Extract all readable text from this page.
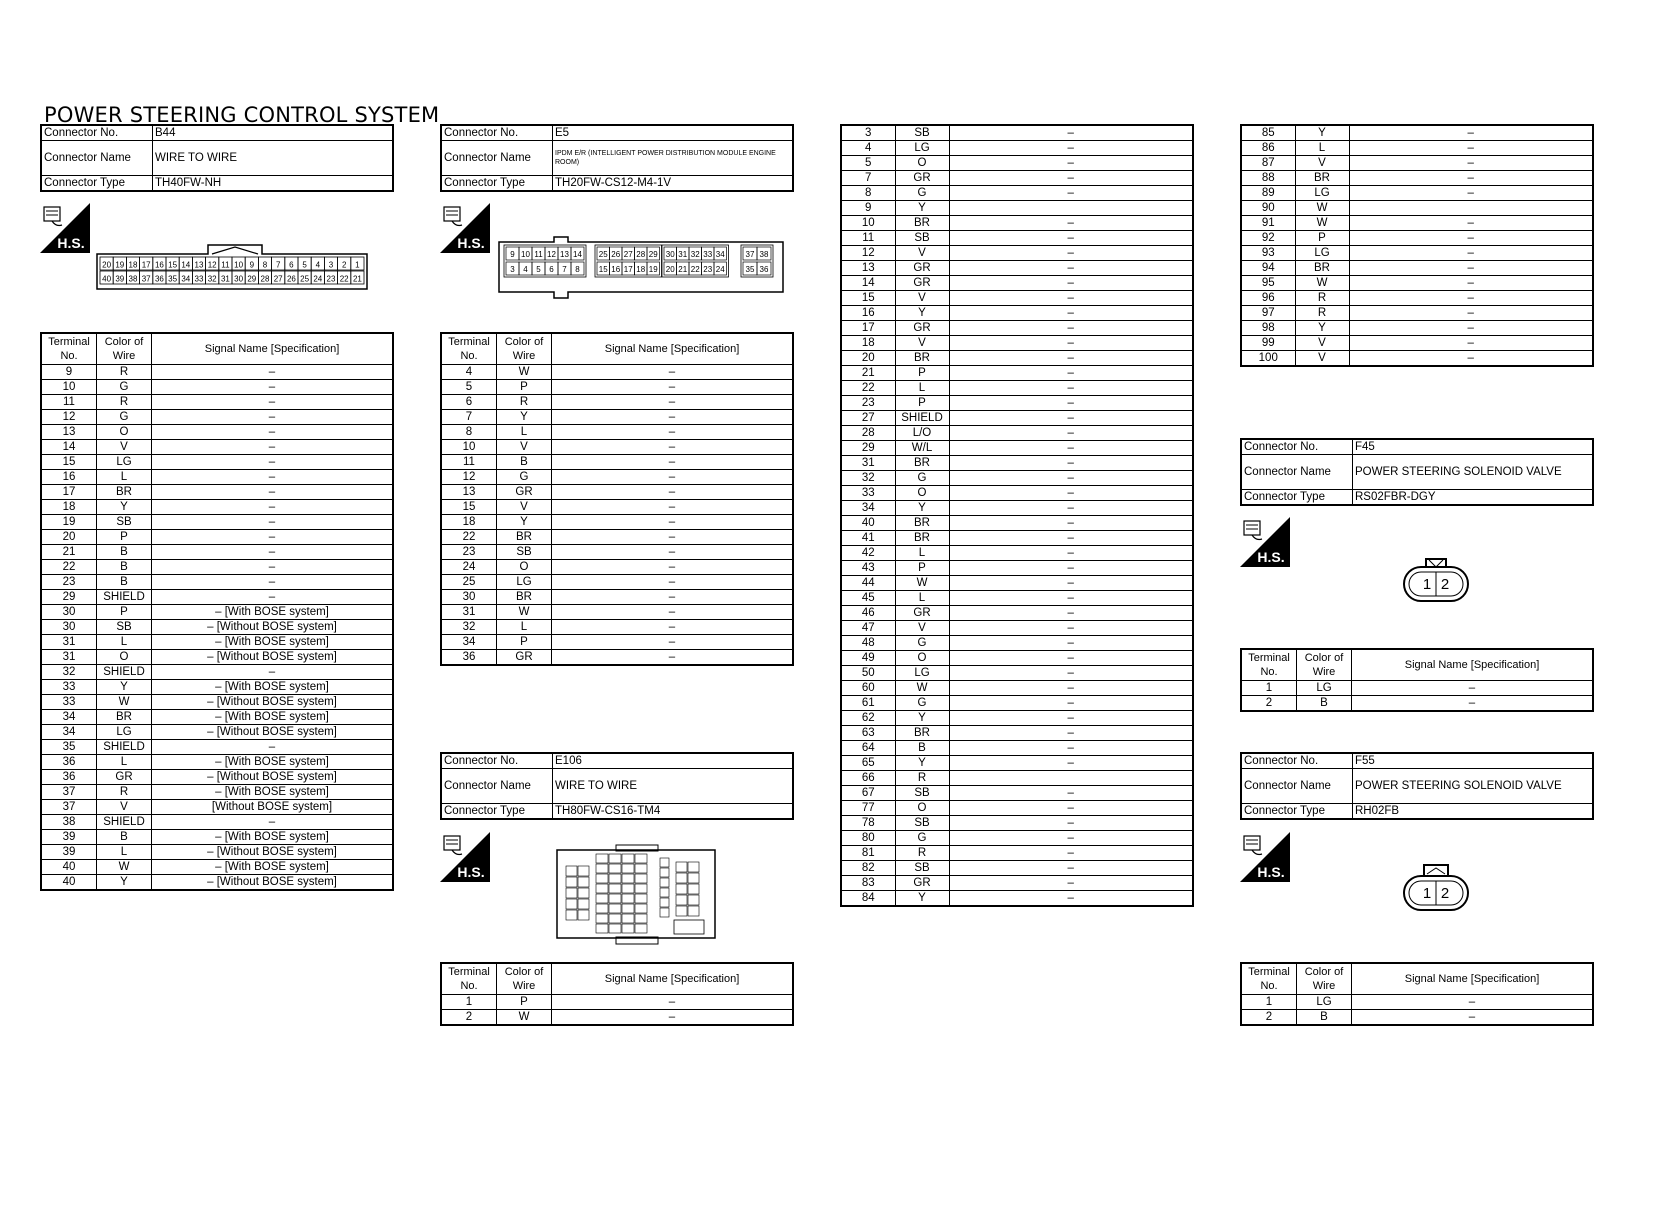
POWER STEERING CONTROL SYSTEM
Connector No.	B44
Connector Name	WIRE TO WIRE
Connector Type	TH40FW-NH
H.S.
20 19 18 17 16 15 14 13 12 11 10 9 8 7 6 5 4 3 2 1
40 39 38 37 36 35 34 33 32 31 30 29 28 27 26 25 24 23 22 21
Terminal No.	Color of Wire	Signal Name [Specification]
9	R	–
10	G	–
11	R	–
12	G	–
13	O	–
14	V	–
15	LG	–
16	L	–
17	BR	–
18	Y	–
19	SB	–
20	P	–
21	B	–
22	B	–
23	B	–
29	SHIELD	–
30	P	– [With BOSE system]
30	SB	– [Without BOSE system]
31	L	– [With BOSE system]
31	O	– [Without BOSE system]
32	SHIELD	–
33	Y	– [With BOSE system]
33	W	– [Without BOSE system]
34	BR	– [With BOSE system]
34	LG	– [Without BOSE system]
35	SHIELD	–
36	L	– [With BOSE system]
36	GR	– [Without BOSE system]
37	R	– [With BOSE system]
37	V	[Without BOSE system]
38	SHIELD	–
39	B	– [With BOSE system]
39	L	– [Without BOSE system]
40	W	– [With BOSE system]
40	Y	– [Without BOSE system]
Connector No.	E5
Connector Name	IPDM E/R (INTELLIGENT POWER DISTRIBUTION MODULE ENGINE ROOM)
Connector Type	TH20FW-CS12-M4-1V
H.S.
9 10 11 12 13 14
3 4 5 6 7 8
25 26 27 28 29
15 16 17 18 19
30 31 32 33 34
20 21 22 23 24
37 38
35 36
Terminal No.	Color of Wire	Signal Name [Specification]
4	W	–
5	P	–
6	R	–
7	Y	–
8	L	–
10	V	–
11	B	–
12	G	–
13	GR	–
15	V	–
18	Y	–
22	BR	–
23	SB	–
24	O	–
25	LG	–
30	BR	–
31	W	–
32	L	–
34	P	–
36	GR	–
Connector No.	E106
Connector Name	WIRE TO WIRE
Connector Type	TH80FW-CS16-TM4
H.S.
Terminal No.	Color of Wire	Signal Name [Specification]
1	P	–
2	W	–
3	SB	–
4	LG	–
5	O	–
7	GR	–
8	G	–
9	Y	
10	BR	–
11	SB	–
12	V	–
13	GR	–
14	GR	–
15	V	–
16	Y	–
17	GR	–
18	V	–
20	BR	–
21	P	–
22	L	–
23	P	–
27	SHIELD	–
28	L/O	–
29	W/L	–
31	BR	–
32	G	–
33	O	–
34	Y	–
40	BR	–
41	BR	–
42	L	–
43	P	–
44	W	–
45	L	–
46	GR	–
47	V	–
48	G	–
49	O	–
50	LG	–
60	W	–
61	G	–
62	Y	–
63	BR	–
64	B	–
65	Y	–
66	R	
67	SB	–
77	O	–
78	SB	–
80	G	–
81	R	–
82	SB	–
83	GR	–
84	Y	–
85	Y	–
86	L	–
87	V	–
88	BR	–
89	LG	–
90	W	
91	W	–
92	P	–
93	LG	–
94	BR	–
95	W	–
96	R	–
97	R	–
98	Y	–
99	V	–
100	V	–
Connector No.	F45
Connector Name	POWER STEERING SOLENOID VALVE
Connector Type	RS02FBR-DGY
H.S.
1 2
Terminal No.	Color of Wire	Signal Name [Specification]
1	LG	–
2	B	–
Connector No.	F55
Connector Name	POWER STEERING SOLENOID VALVE
Connector Type	RH02FB
H.S.
1 2
Terminal No.	Color of Wire	Signal Name [Specification]
1	LG	–
2	B	–
